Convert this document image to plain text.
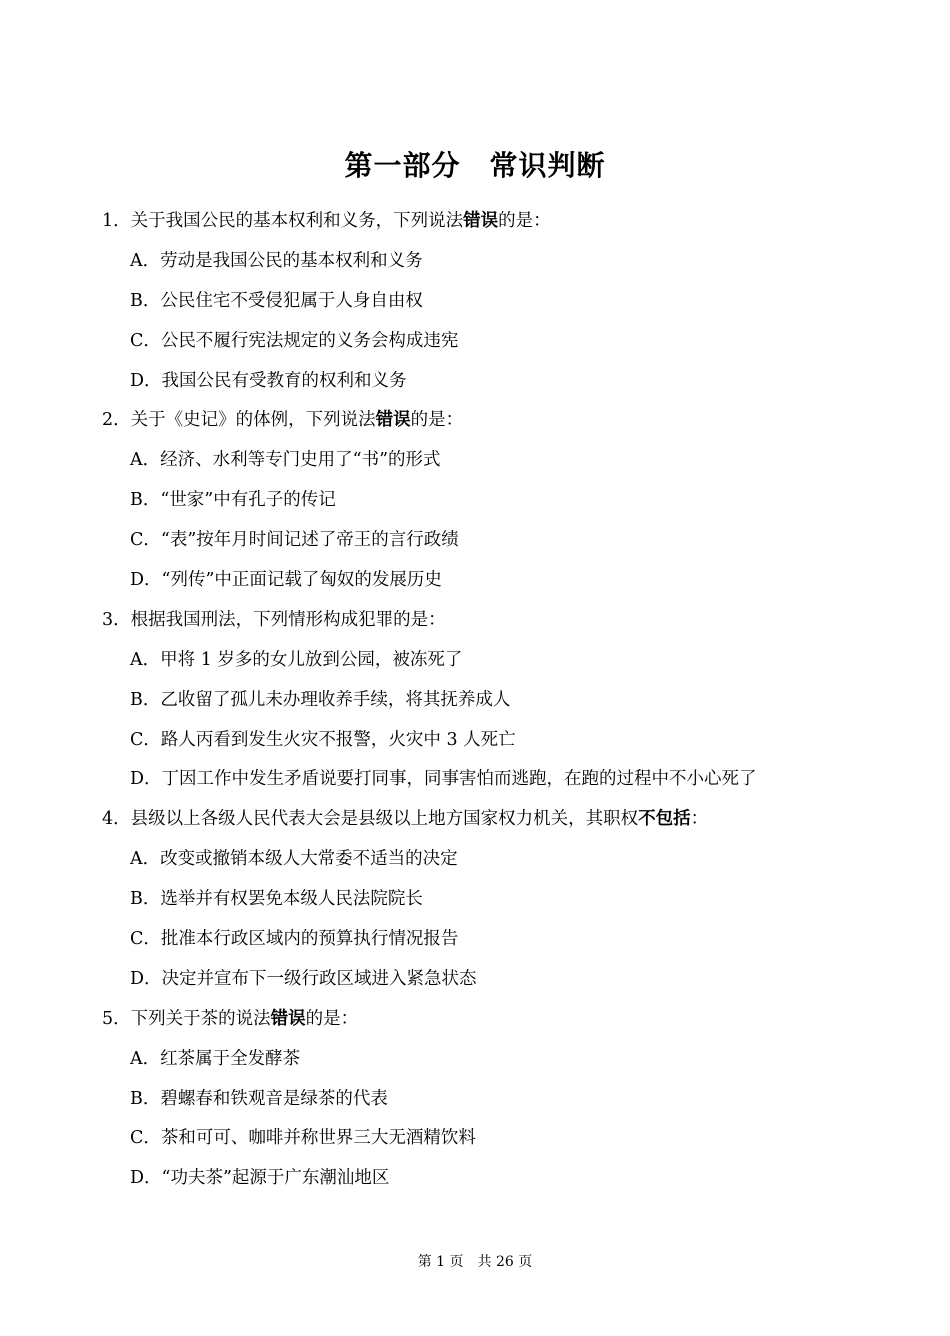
第一部分　常识判断
1．关于我国公民的基本权利和义务，下列说法错误的是：
A．劳动是我国公民的基本权利和义务
B．公民住宅不受侵犯属于人身自由权
C．公民不履行宪法规定的义务会构成违宪
D．我国公民有受教育的权利和义务
2．关于《史记》的体例，下列说法错误的是：
A．经济、水利等专门史用了“书”的形式
B．“世家”中有孔子的传记
C．“表”按年月时间记述了帝王的言行政绩
D．“列传”中正面记载了匈奴的发展历史
3．根据我国刑法，下列情形构成犯罪的是：
A．甲将 1 岁多的女儿放到公园，被冻死了
B．乙收留了孤儿未办理收养手续，将其抚养成人
C．路人丙看到发生火灾不报警，火灾中 3 人死亡
D．丁因工作中发生矛盾说要打同事，同事害怕而逃跑，在跑的过程中不小心死了
4．县级以上各级人民代表大会是县级以上地方国家权力机关，其职权不包括：
A．改变或撤销本级人大常委不适当的决定
B．选举并有权罢免本级人民法院院长
C．批准本行政区域内的预算执行情况报告
D．决定并宣布下一级行政区域进入紧急状态
5．下列关于茶的说法错误的是：
A．红茶属于全发酵茶
B．碧螺春和铁观音是绿茶的代表
C．茶和可可、咖啡并称世界三大无酒精饮料
D．“功夫茶”起源于广东潮汕地区
第 1 页　共 26 页
